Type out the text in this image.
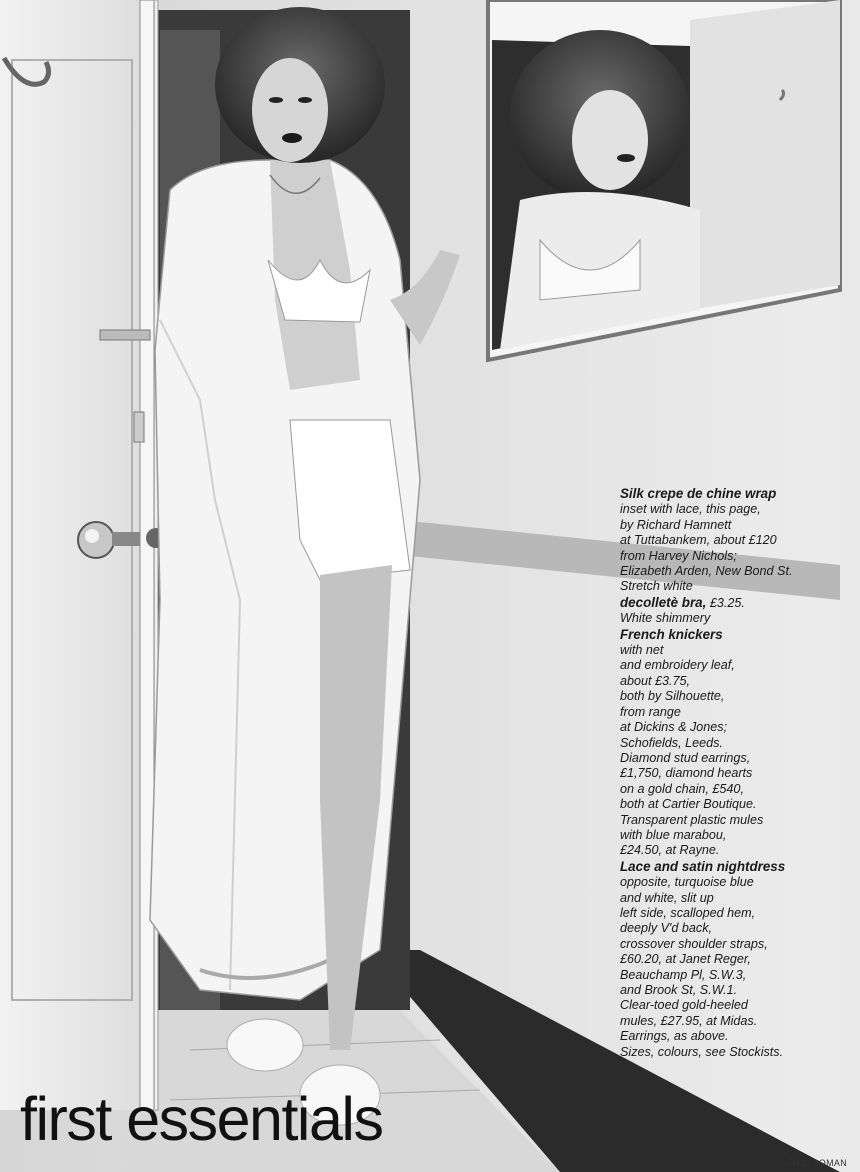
Silk crepe de chine wrap
inset with lace, this page,
by Richard Hamnett
at Tuttabankem, about £120
from Harvey Nichols;
Elizabeth Arden, New Bond St.
Stretch white
decolletè bra, £3.25.
White shimmery
French knickers
with net
and embroidery leaf,
about £3.75,
both by Silhouette,
from range
at Dickins & Jones;
Schofields, Leeds.
Diamond stud earrings,
£1,750, diamond hearts
on a gold chain, £540,
both at Cartier Boutique.
Transparent plastic mules
with blue marabou,
£24.50, at Rayne.
Lace and satin nightdress
opposite, turquoise blue
and white, slit up
left side, scalloped hem,
deeply V'd back,
crossover shoulder straps,
£60.20, at Janet Reger,
Beauchamp Pl, S.W.3,
and Brook St, S.W.1.
Clear-toed gold-heeled
mules, £27.95, at Midas.
Earrings, as above.
Sizes, colours, see Stockists.
first essentials
ERIC BOMAN
